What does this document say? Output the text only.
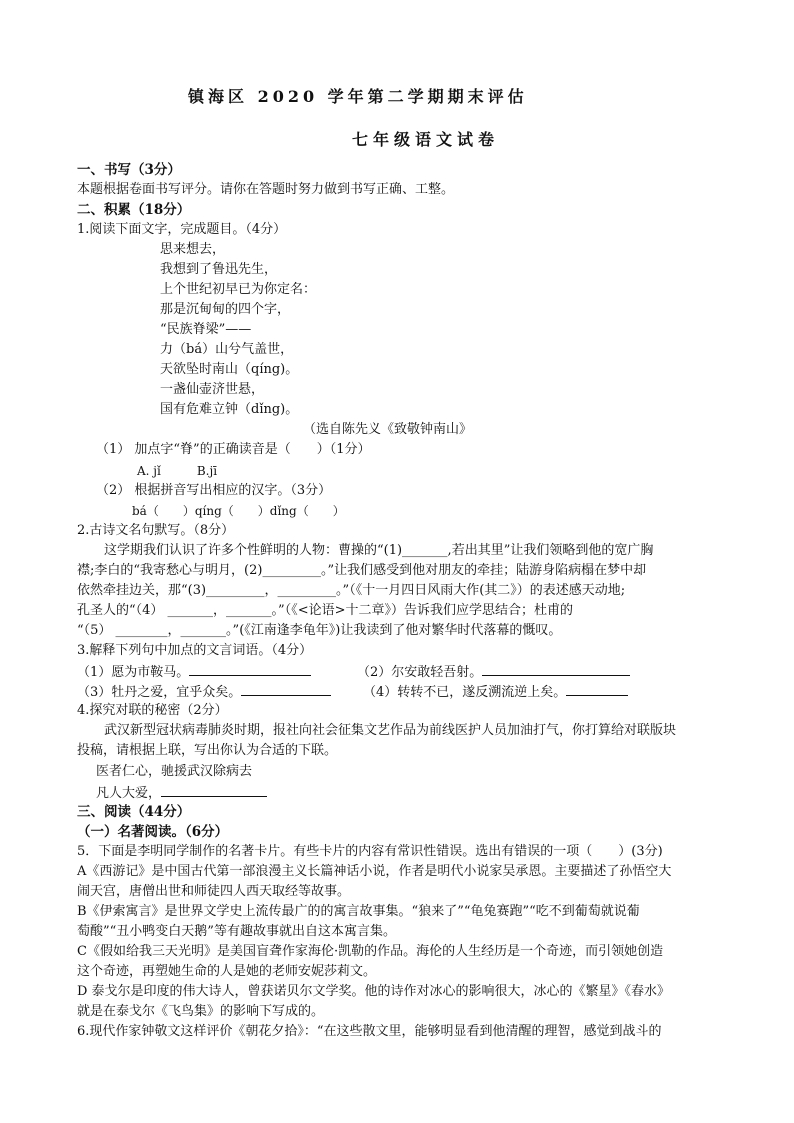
镇海区 2020 学年第二学期期末评估
七年级语文试卷
一、书写（3分）
本题根据卷面书写评分。请你在答题时努力做到书写正确、工整。
二、积累（18分）
1.阅读下面文字，完成题目。（4分）
思来想去，
我想到了鲁迅先生，
上个世纪初早已为你定名：
那是沉甸甸的四个字，
“民族脊梁”——
力（bá）山兮气盖世，
天欲坠时南山（qíng)。
一盏仙壶济世悬，
国有危难立钟（dǐng)。
（选自陈先义《致敬钟南山》
（1） 加点字“脊”的正确读音是（　　）（1分）
A. jǐ　　　B.jī
（2） 根据拼音写出相应的汉字。（3分）
bá（　　）qíng（　　）dǐng（　　）
2.古诗文名句默写。（8分）
这学期我们认识了许多个性鲜明的人物：曹操的“(1)_______,若出其里”让我们领略到他的宽广胸
襟;李白的“我寄愁心与明月，(2)_________。”让我们感受到他对朋友的牵挂；陆游身陷病榻在梦中却
依然牵挂边关，那“(3)_________，_________。”（《十一月四日风雨大作(其二》）的表述感天动地;
孔圣人的“（4） _______，_______。”（《<论语>十二章》）告诉我们应学思结合；杜甫的
“（5） ________，_______。”(《江南逢李龟年》)让我读到了他对繁华时代落幕的慨叹。
3.解释下列句中加点的文言词语。（4分）
（1）愿为市鞍马。	（2）尔安敢轻吾射。
（3）牡丹之爱，宜乎众矣。	（4）转转不已，遂反溯流逆上矣。
4.探究对联的秘密（2分）
武汉新型冠状病毒肺炎时期，报社向社会征集文艺作品为前线医护人员加油打气，你打算给对联版块
投稿，请根据上联，写出你认为合适的下联。
医者仁心，驰援武汉除病去
凡人大爱，
三、阅读（44分）
（一）名著阅读。（6分）
5．下面是李明同学制作的名著卡片。有些卡片的内容有常识性错误。选出有错误的一项（　　）(3分)
A《西游记》是中国古代第一部浪漫主义长篇神话小说，作者是明代小说家吴承恩。主要描述了孙悟空大
闹天宫，唐僧出世和师徒四人西天取经等故事。
B《伊索寓言》是世界文学史上流传最广的的寓言故事集。“狼来了”“龟兔赛跑”“吃不到葡萄就说葡
萄酸”“丑小鸭变白天鹅”等有趣故事就出自这本寓言集。
C《假如给我三天光明》是美国盲聋作家海伦·凯勒的作品。海伦的人生经历是一个奇迹，而引领她创造
这个奇迹，再塑她生命的人是她的老师安妮莎莉文。
D 泰戈尔是印度的伟大诗人，曾获诺贝尔文学奖。他的诗作对冰心的影响很大，冰心的《繁星》《春水》
就是在泰戈尔《飞鸟集》的影响下写成的。
6.现代作家钟敬文这样评价《朝花夕拾》：“在这些散文里，能够明显看到他清醒的理智，感觉到战斗的
